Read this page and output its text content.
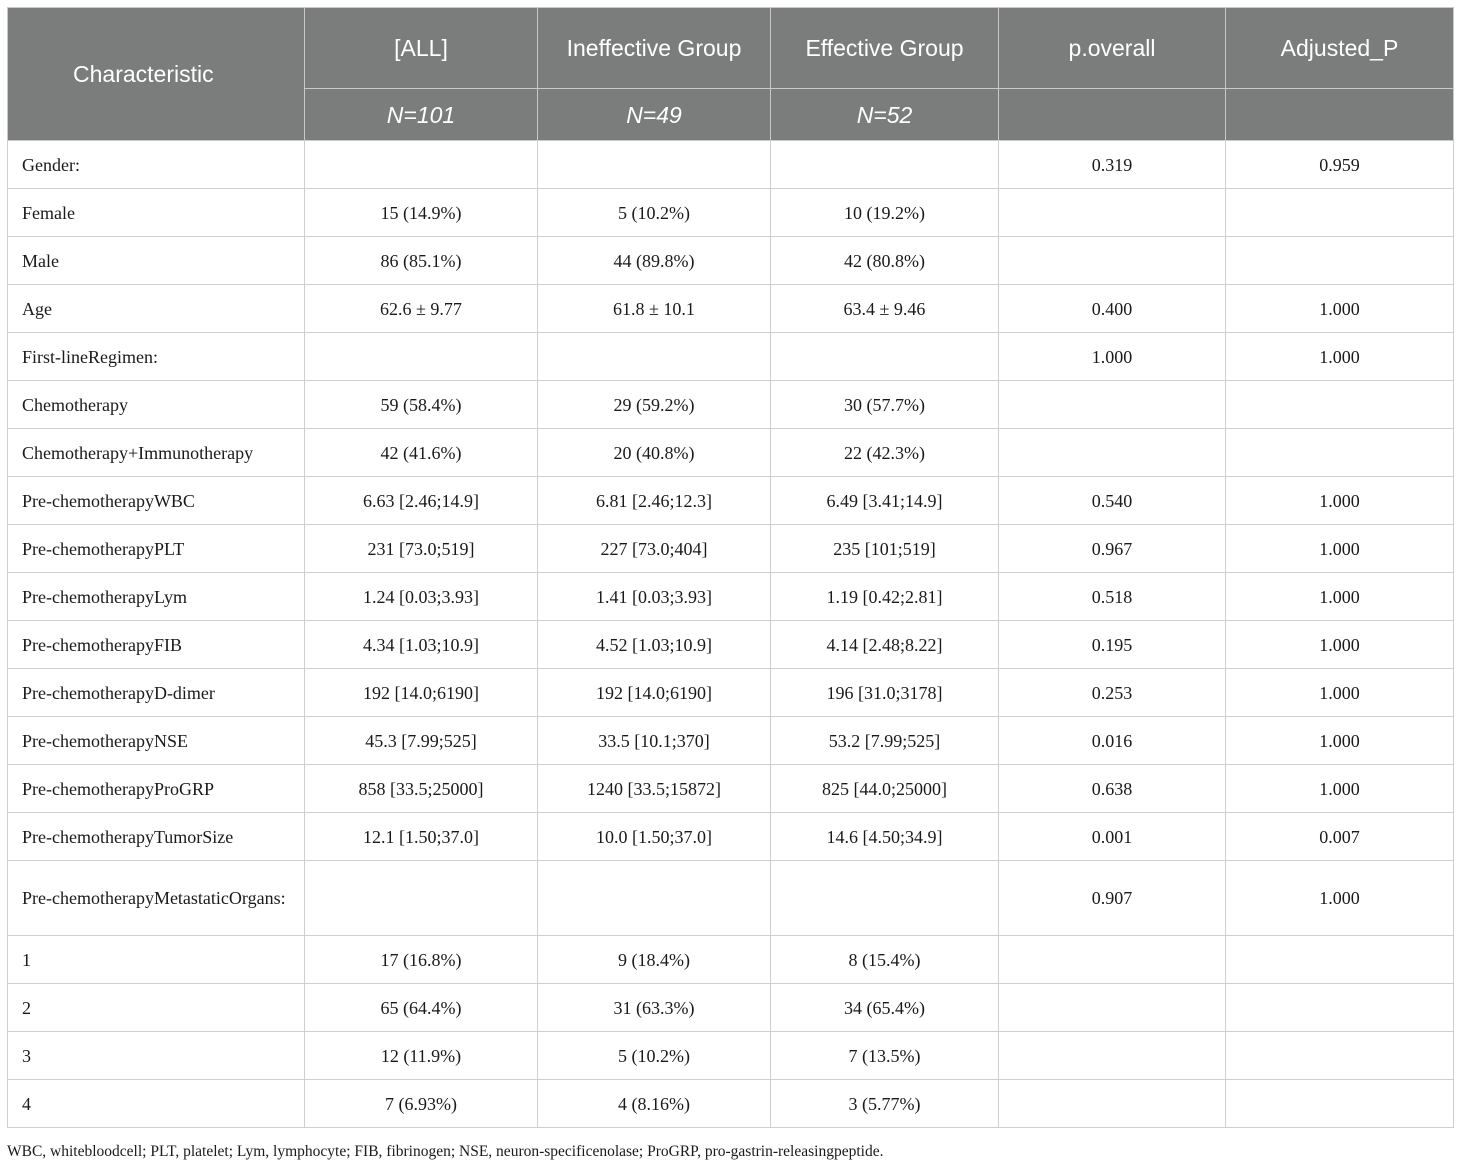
Characteristic	[ALL]	Ineffective Group	Effective Group	p.overall	Adjusted_P
	N=101	N=49	N=52		
Gender:				0.319	0.959
Female	15 (14.9%)	5 (10.2%)	10 (19.2%)		
Male	86 (85.1%)	44 (89.8%)	42 (80.8%)		
Age	62.6 ± 9.77	61.8 ± 10.1	63.4 ± 9.46	0.400	1.000
First-lineRegimen:				1.000	1.000
Chemotherapy	59 (58.4%)	29 (59.2%)	30 (57.7%)		
Chemotherapy+Immunotherapy	42 (41.6%)	20 (40.8%)	22 (42.3%)		
Pre-chemotherapyWBC	6.63 [2.46;14.9]	6.81 [2.46;12.3]	6.49 [3.41;14.9]	0.540	1.000
Pre-chemotherapyPLT	231 [73.0;519]	227 [73.0;404]	235 [101;519]	0.967	1.000
Pre-chemotherapyLym	1.24 [0.03;3.93]	1.41 [0.03;3.93]	1.19 [0.42;2.81]	0.518	1.000
Pre-chemotherapyFIB	4.34 [1.03;10.9]	4.52 [1.03;10.9]	4.14 [2.48;8.22]	0.195	1.000
Pre-chemotherapyD-dimer	192 [14.0;6190]	192 [14.0;6190]	196 [31.0;3178]	0.253	1.000
Pre-chemotherapyNSE	45.3 [7.99;525]	33.5 [10.1;370]	53.2 [7.99;525]	0.016	1.000
Pre-chemotherapyProGRP	858 [33.5;25000]	1240 [33.5;15872]	825 [44.0;25000]	0.638	1.000
Pre-chemotherapyTumorSize	12.1 [1.50;37.0]	10.0 [1.50;37.0]	14.6 [4.50;34.9]	0.001	0.007
Pre-chemotherapyMetastaticOrgans:				0.907	1.000
1	17 (16.8%)	9 (18.4%)	8 (15.4%)		
2	65 (64.4%)	31 (63.3%)	34 (65.4%)		
3	12 (11.9%)	5 (10.2%)	7 (13.5%)		
4	7 (6.93%)	4 (8.16%)	3 (5.77%)		
WBC, whitebloodcell; PLT, platelet; Lym, lymphocyte; FIB, fibrinogen; NSE, neuron-specificenolase; ProGRP, pro-gastrin-releasingpeptide.
